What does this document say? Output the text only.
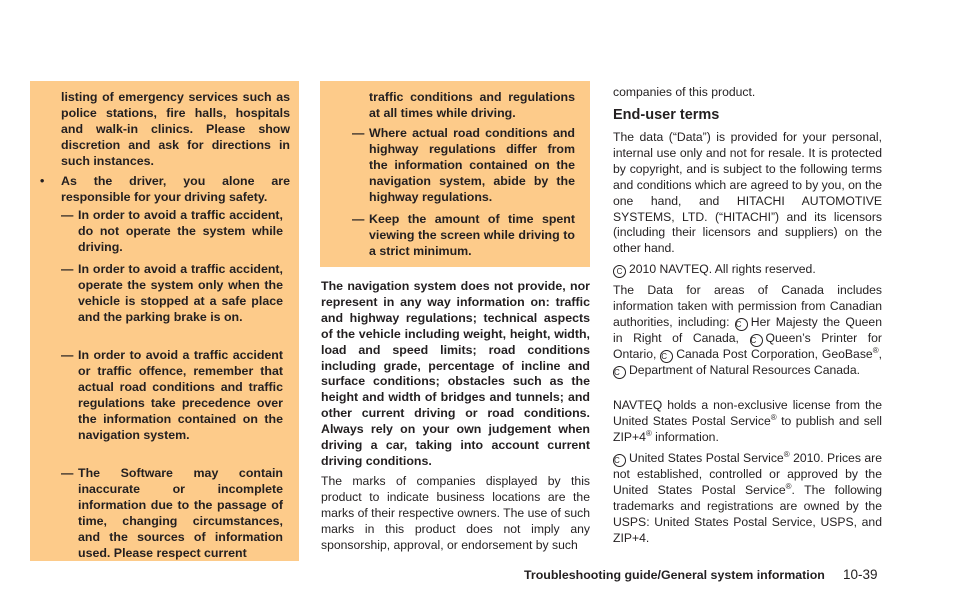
listing of emergency services such as police stations, fire halls, hospitals and walk-in clinics. Please show discretion and ask for directions in such instances.

• As the driver, you alone are responsible for your driving safety.

— In order to avoid a traffic accident, do not operate the system while driving.

— In order to avoid a traffic accident, operate the system only when the vehicle is stopped at a safe place and the parking brake is on.

— In order to avoid a traffic accident or traffic offence, remember that actual road conditions and traffic regulations take precedence over the information contained on the navigation system.

— The Software may contain inaccurate or incomplete information due to the passage of time, changing circumstances, and the sources of information used. Please respect current

traffic conditions and regulations at all times while driving.

— Where actual road conditions and highway regulations differ from the information contained on the navigation system, abide by the highway regulations.

— Keep the amount of time spent viewing the screen while driving to a strict minimum.

The navigation system does not provide, nor represent in any way information on: traffic and highway regulations; technical aspects of the vehicle including weight, height, width, load and speed limits; road conditions including grade, percentage of incline and surface conditions; obstacles such as the height and width of bridges and tunnels; and other current driving or road conditions. Always rely on your own judgement when driving a car, taking into account current driving conditions.

The marks of companies displayed by this product to indicate business locations are the marks of their respective owners. The use of such marks in this product does not imply any sponsorship, approval, or endorsement by such

companies of this product.

End-user terms

The data (“Data”) is provided for your personal, internal use only and not for resale. It is protected by copyright, and is subject to the following terms and conditions which are agreed to by you, on the one hand, and HITACHI AUTOMOTIVE SYSTEMS, LTD. (“HITACHI”) and its licensors (including their licensors and suppliers) on the other hand.

C 2010 NAVTEQ. All rights reserved.

The Data for areas of Canada includes information taken with permission from Canadian authorities, including: C Her Majesty the Queen in Right of Canada, C Queen’s Printer for Ontario, C Canada Post Corporation, GeoBase®, C Department of Natural Resources Canada.

NAVTEQ holds a non-exclusive license from the United States Postal Service® to publish and sell ZIP+4® information.

C United States Postal Service® 2010. Prices are not established, controlled or approved by the United States Postal Service®. The following trademarks and registrations are owned by the USPS: United States Postal Service, USPS, and ZIP+4.

Troubleshooting guide/General system information 10-39
